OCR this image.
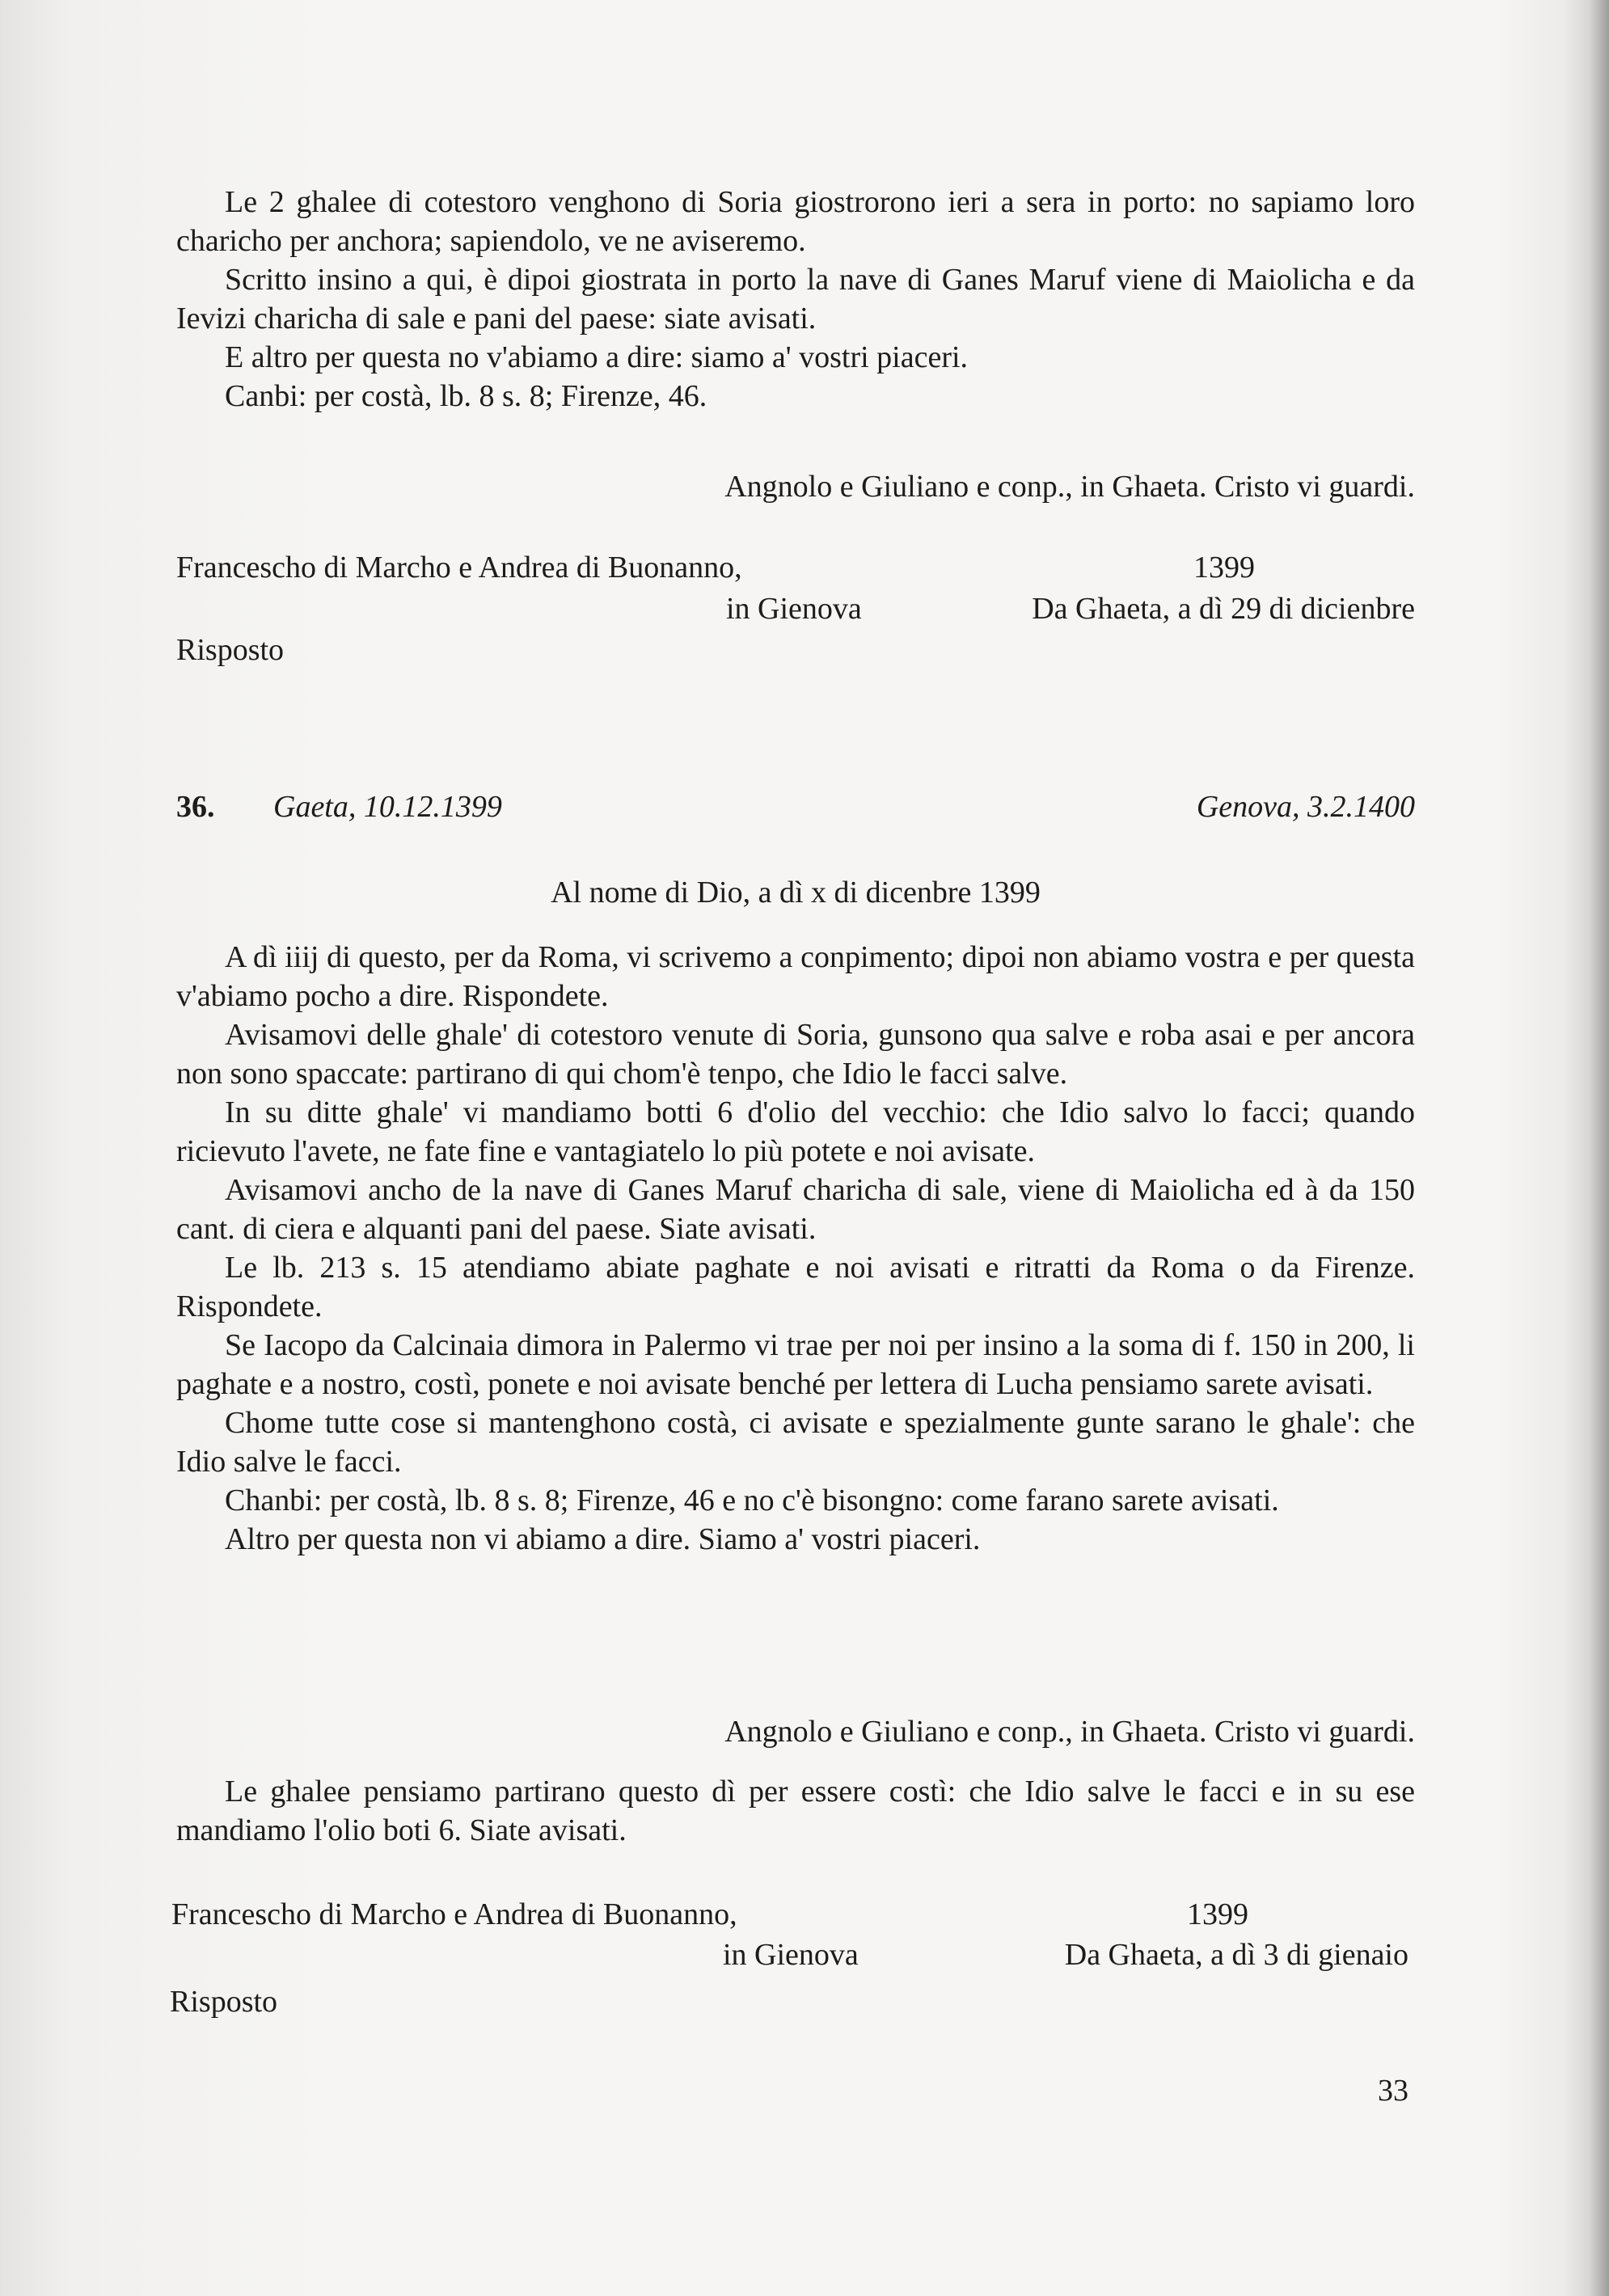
Le 2 ghalee di cotestoro venghono di Soria giostrorono ieri a sera in porto: no sapiamo loro charicho per anchora; sapiendolo, ve ne aviseremo.

Scritto insino a qui, è dipoi giostrata in porto la nave di Ganes Maruf viene di Maiolicha e da Ievizi charicha di sale e pani del paese: siate avisati.

E altro per questa no v'abiamo a dire: siamo a' vostri piaceri.

Canbi: per costà, lb. 8 s. 8; Firenze, 46.

Angnolo e Giuliano e conp., in Ghaeta. Cristo vi guardi.

Francescho di Marcho e Andrea di Buonanno,	1399
in Gienova	Da Ghaeta, a dì 29 di dicienbre
Risposto
36. Gaeta, 10.12.1399	Genova, 3.2.1400

Al nome di Dio, a dì x di dicenbre 1399

A dì iiij di questo, per da Roma, vi scrivemo a conpimento; dipoi non abiamo vostra e per questa v'abiamo pocho a dire. Rispondete.

Avisamovi delle ghale' di cotestoro venute di Soria, gunsono qua salve e roba asai e per ancora non sono spaccate: partirano di qui chom'è tenpo, che Idio le facci salve.

In su ditte ghale' vi mandiamo botti 6 d'olio del vecchio: che Idio salvo lo facci; quando ricievuto l'avete, ne fate fine e vantagiatelo lo più potete e noi avisate.

Avisamovi ancho de la nave di Ganes Maruf charicha di sale, viene di Maiolicha ed à da 150 cant. di ciera e alquanti pani del paese. Siate avisati.

Le lb. 213 s. 15 atendiamo abiate paghate e noi avisati e ritratti da Roma o da Firenze. Rispondete.

Se Iacopo da Calcinaia dimora in Palermo vi trae per noi per insino a la soma di f. 150 in 200, li paghate e a nostro, costì, ponete e noi avisate benché per lettera di Lucha pensiamo sarete avisati.

Chome tutte cose si mantenghono costà, ci avisate e spezialmente gunte sarano le ghale': che Idio salve le facci.

Chanbi: per costà, lb. 8 s. 8; Firenze, 46 e no c'è bisongno: come farano sarete avisati.

Altro per questa non vi abiamo a dire. Siamo a' vostri piaceri.

Angnolo e Giuliano e conp., in Ghaeta. Cristo vi guardi.

Le ghalee pensiamo partirano questo dì per essere costì: che Idio salve le facci e in su ese mandiamo l'olio boti 6. Siate avisati.

Francescho di Marcho e Andrea di Buonanno,	1399
in Gienova	Da Ghaeta, a dì 3 di gienaio
Risposto
33
